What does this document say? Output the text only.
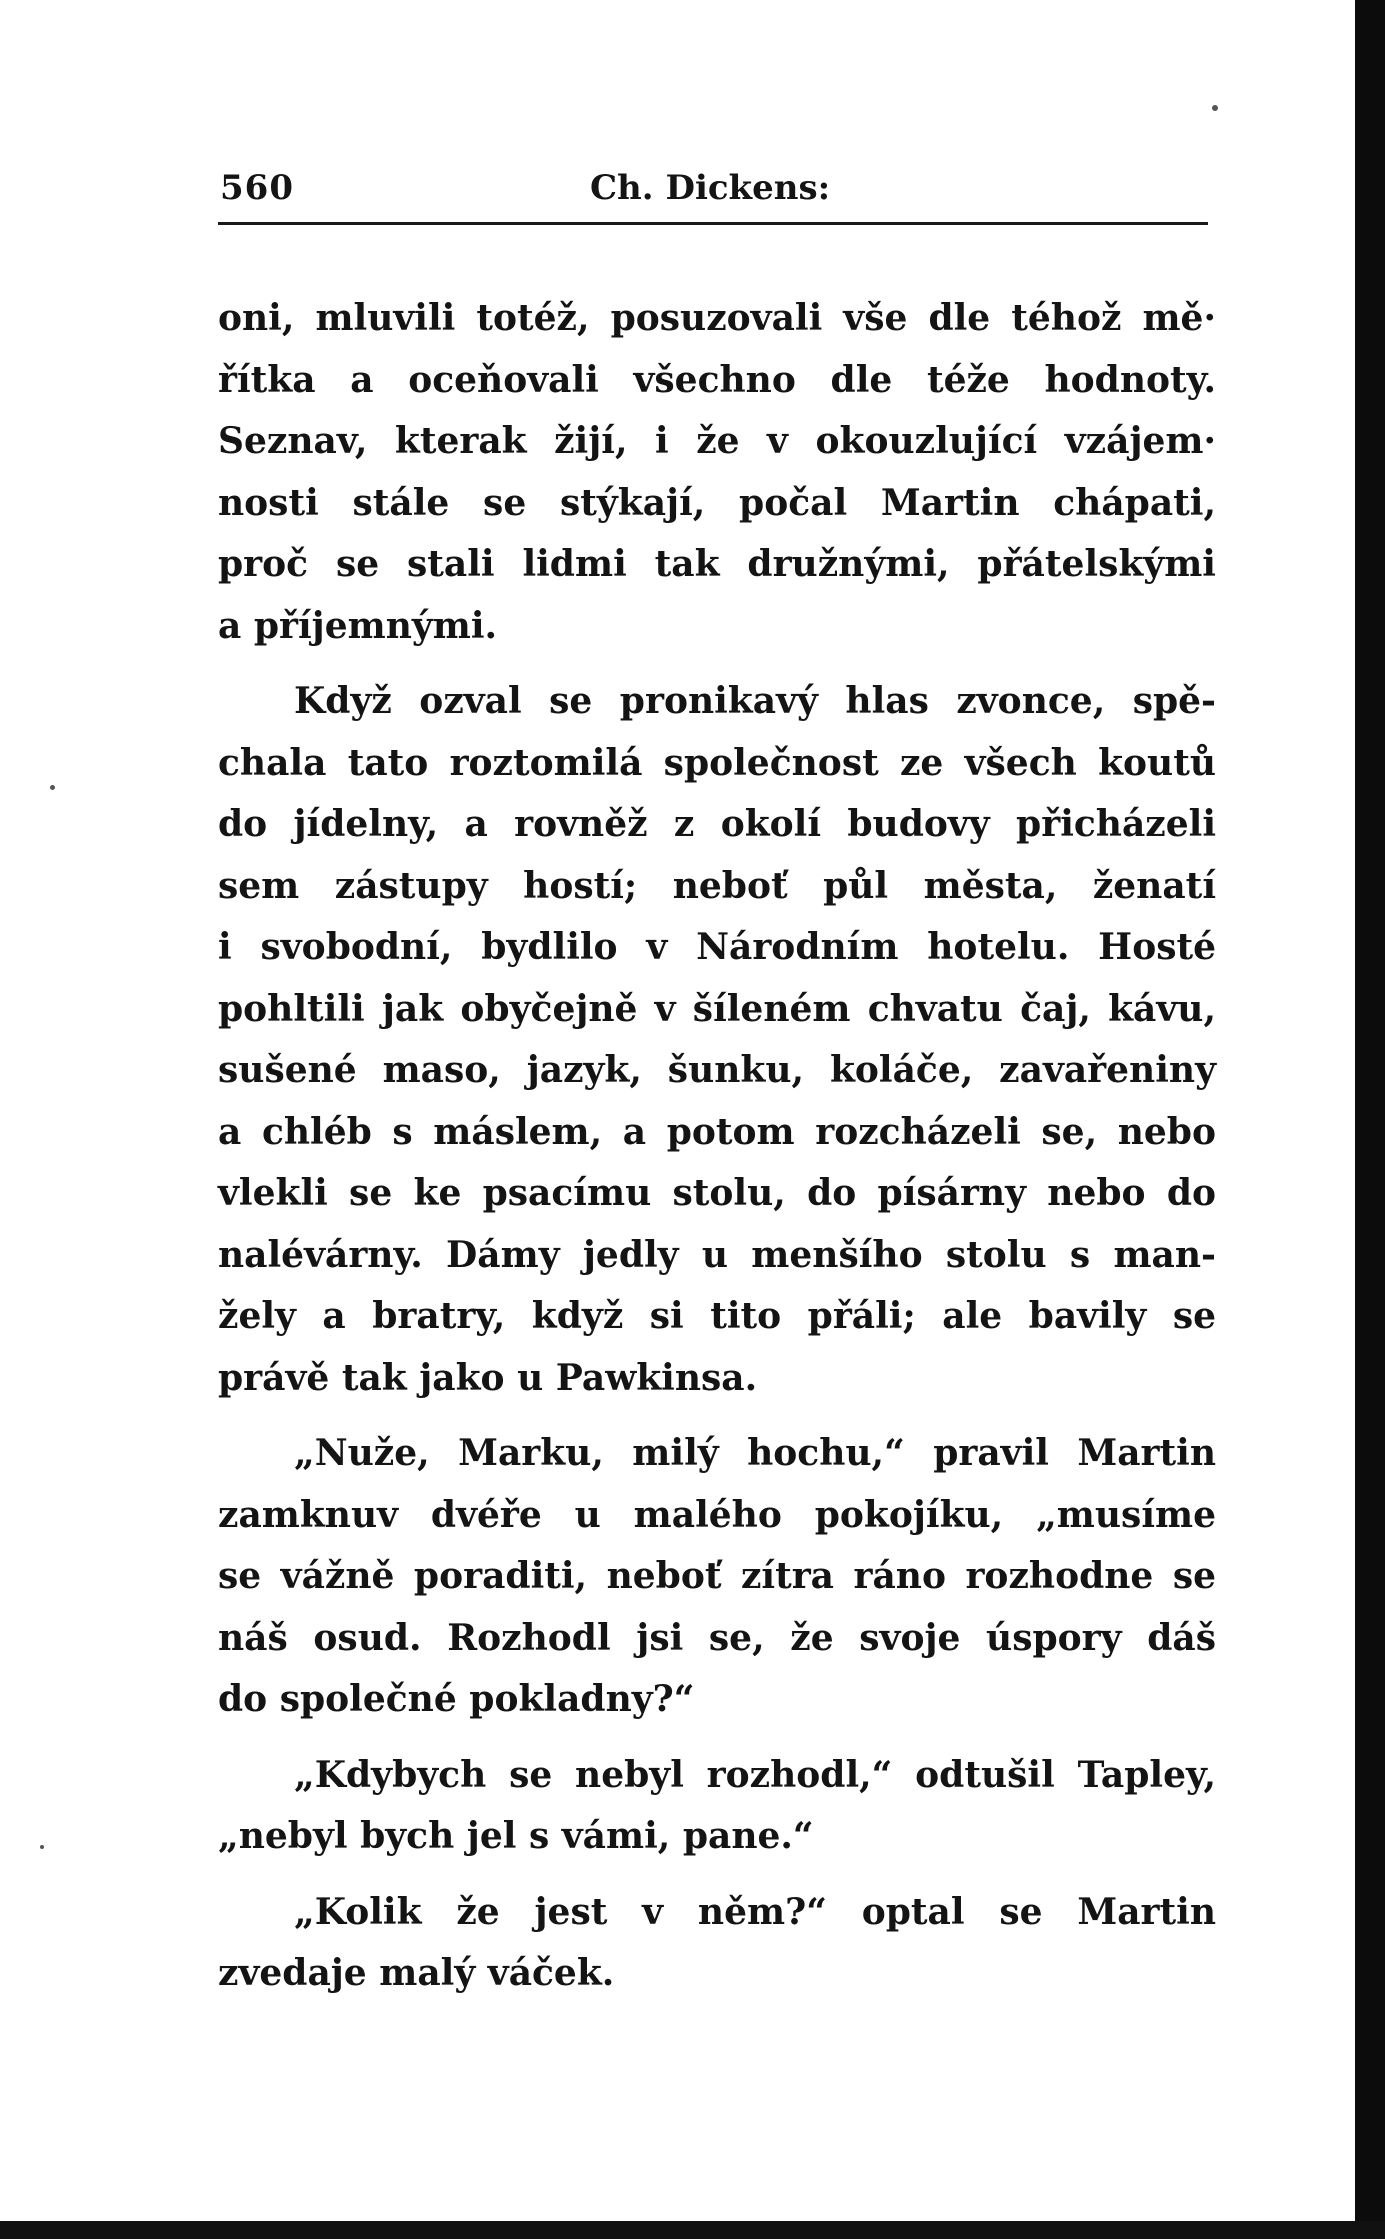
560	Ch. Dickens:

oni, mluvili totéž, posuzovali vše dle téhož mě·
řítka a oceňovali všechno dle téže hodnoty.
Seznav, kterak žijí, i že v okouzlující vzájem·
nosti stále se stýkají, počal Martin chápati,
proč se stali lidmi tak družnými, přátelskými
a příjemnými.

Když ozval se pronikavý hlas zvonce, spě-
chala tato roztomilá společnost ze všech koutů
do jídelny, a rovněž z okolí budovy přicházeli
sem zástupy hostí; neboť půl města, ženatí
i svobodní, bydlilo v Národním hotelu. Hosté
pohltili jak obyčejně v šíleném chvatu čaj, kávu,
sušené maso, jazyk, šunku, koláče, zavařeniny
a chléb s máslem, a potom rozcházeli se, nebo
vlekli se ke psacímu stolu, do písárny nebo do
nalévárny. Dámy jedly u menšího stolu s man-
žely a bratry, když si tito přáli; ale bavily se
právě tak jako u Pawkinsa.

„Nuže, Marku, milý hochu,“ pravil Martin
zamknuv dvéře u malého pokojíku, „musíme
se vážně poraditi, neboť zítra ráno rozhodne se
náš osud. Rozhodl jsi se, že svoje úspory dáš
do společné pokladny?“

„Kdybych se nebyl rozhodl,“ odtušil Tapley,
„nebyl bych jel s vámi, pane.“

„Kolik že jest v něm?“ optal se Martin
zvedaje malý váček.
